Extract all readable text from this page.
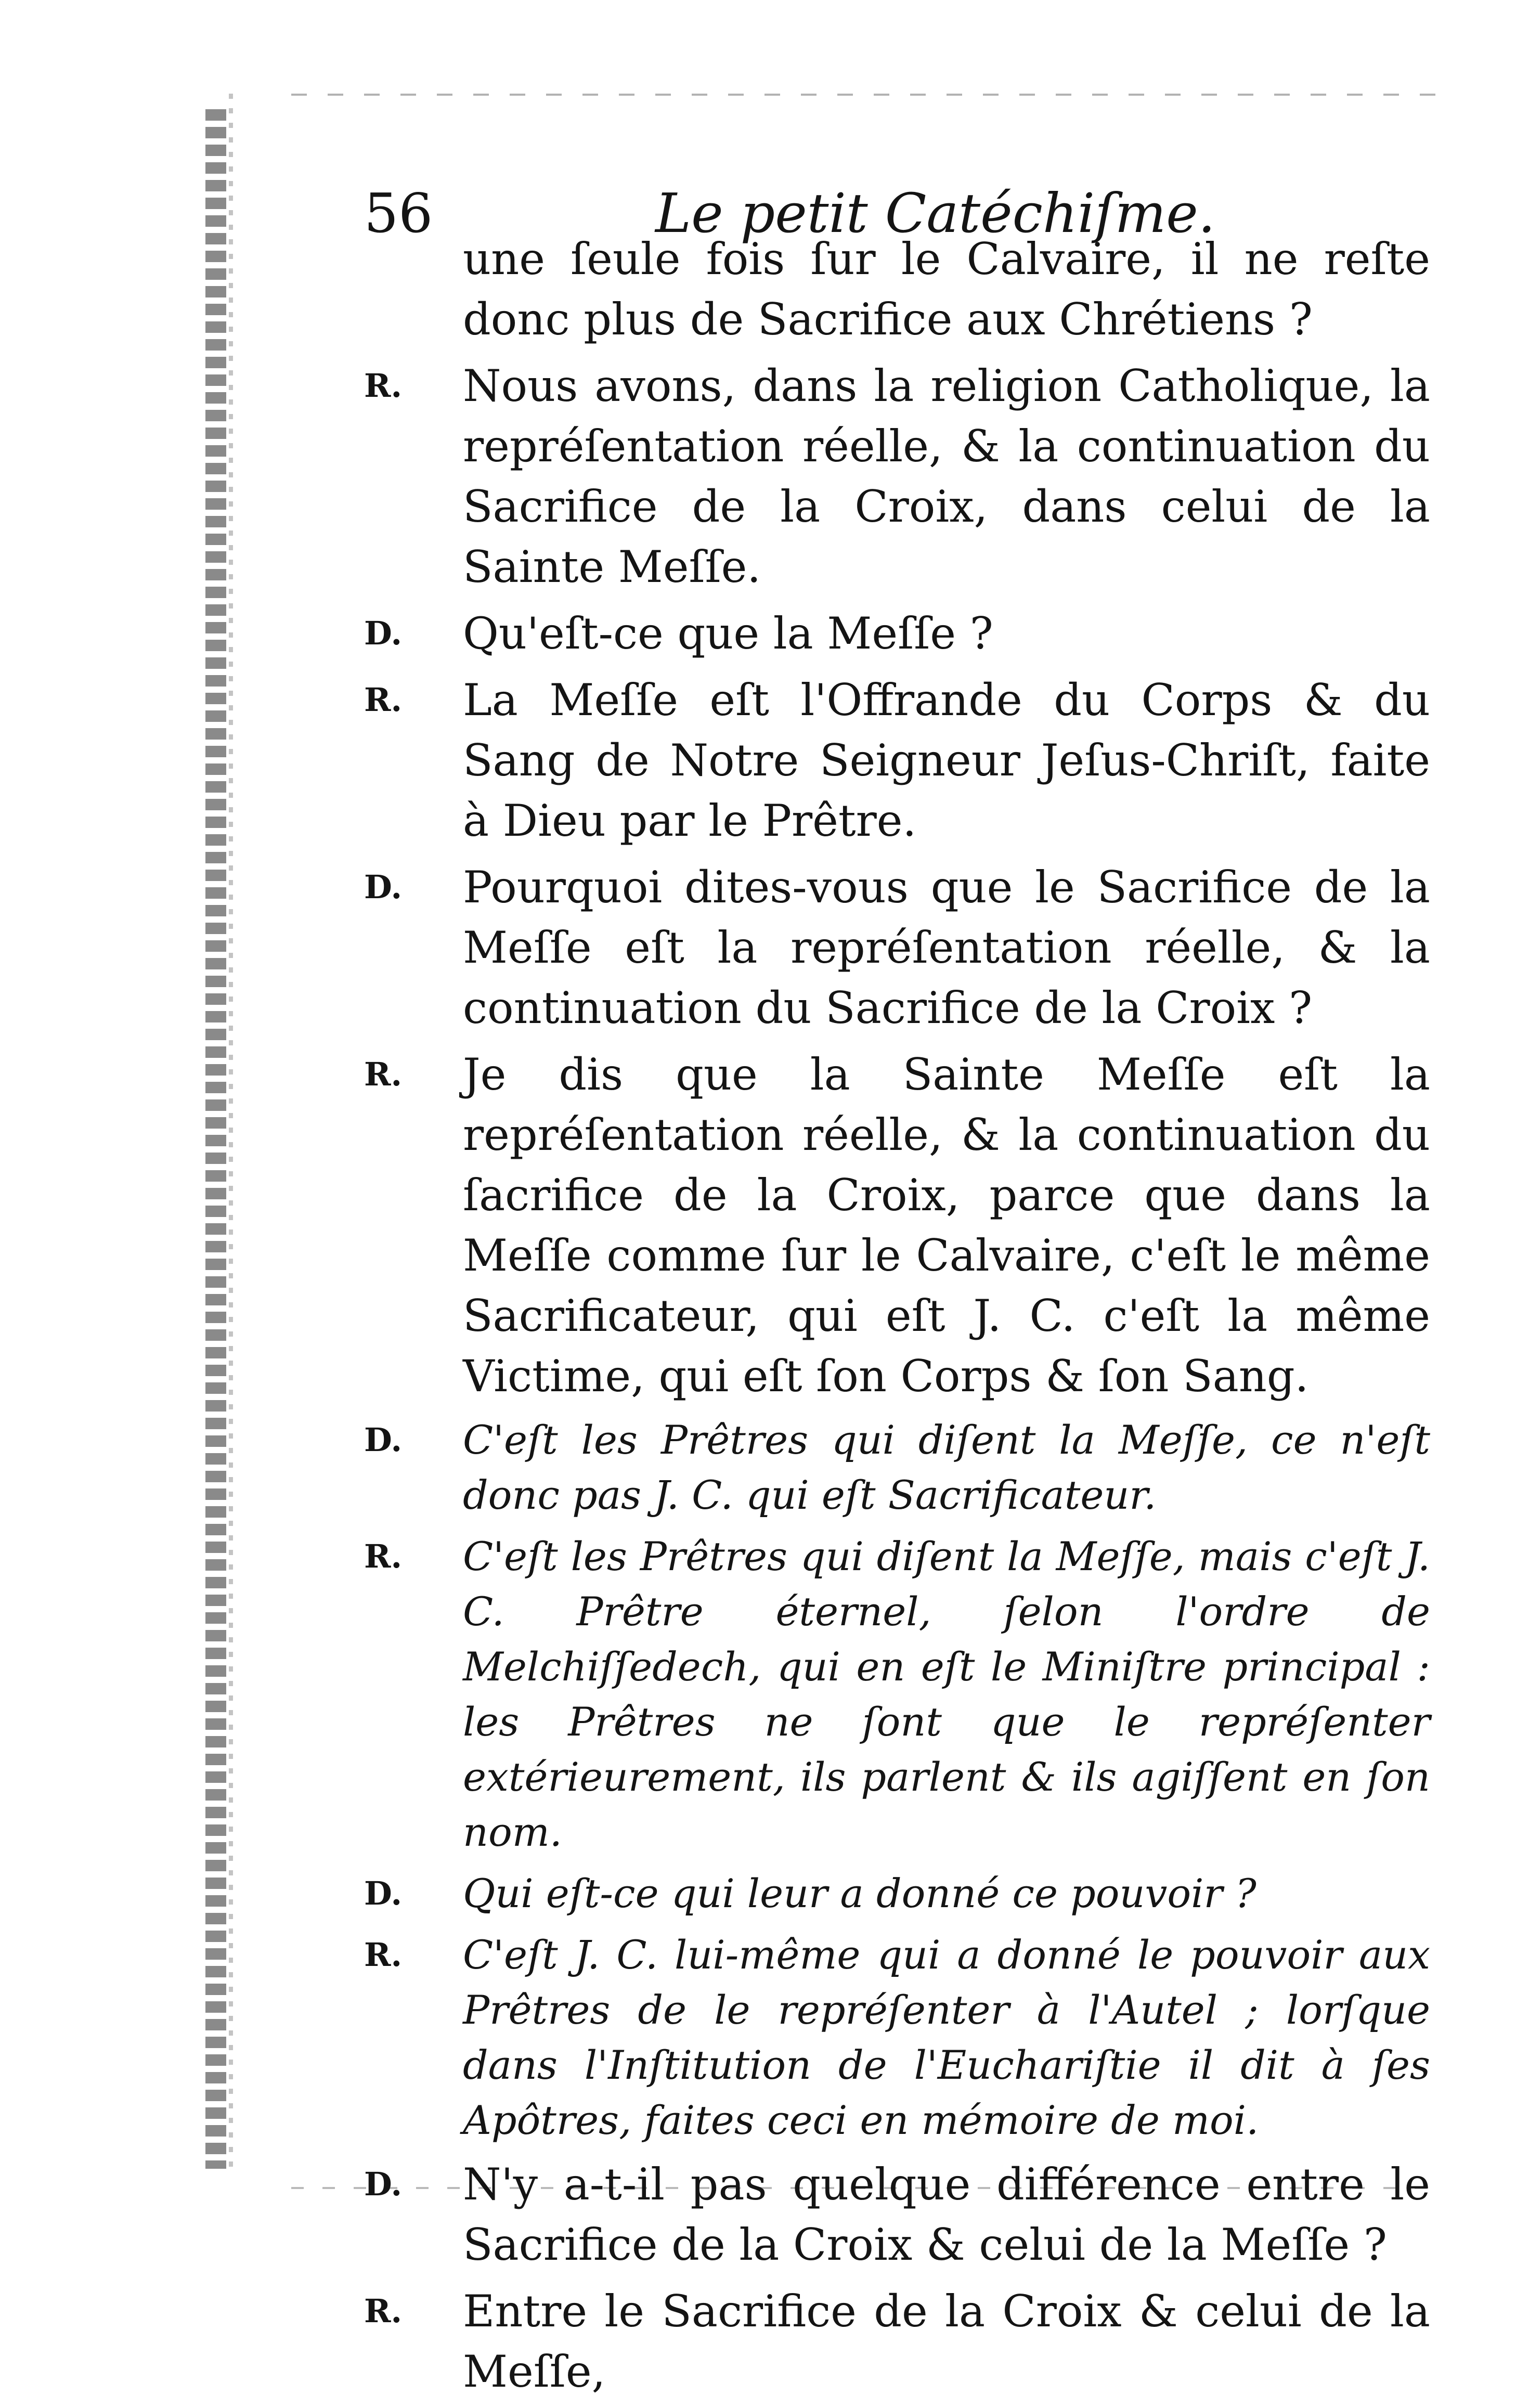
56	Le petit Catéchiſme.
une ſeule fois ſur le Calvaire, il ne reſte donc plus de Sacrifice aux Chrétiens ?
R.	Nous avons, dans la religion Catholique, la repréſentation réelle, & la continuation du Sacrifice de la Croix, dans celui de la Sainte Meſſe.
D.	Qu'eſt-ce que la Meſſe ?
R.	La Meſſe eſt l'Offrande du Corps & du Sang de Notre Seigneur Jeſus-Chriſt, faite à Dieu par le Prêtre.
D.	Pourquoi dites-vous que le Sacrifice de la Meſſe eſt la repréſentation réelle, & la continuation du Sacrifice de la Croix ?
R.	Je dis que la Sainte Meſſe eſt la repréſentation réelle, & la continuation du ſacrifice de la Croix, parce que dans la Meſſe comme ſur le Calvaire, c'eſt le même Sacrificateur, qui eſt J. C. c'eſt la même Victime, qui eſt ſon Corps & ſon Sang.
D.	C'eſt les Prêtres qui diſent la Meſſe, ce n'eſt donc pas J. C. qui eſt Sacrificateur.
R.	C'eſt les Prêtres qui diſent la Meſſe, mais c'eſt J. C. Prêtre éternel, ſelon l'ordre de Melchiſſedech, qui en eſt le Miniſtre principal : les Prêtres ne ſont que le repréſenter extérieurement, ils parlent & ils agiſſent en ſon nom.
D.	Qui eſt-ce qui leur a donné ce pouvoir ?
R.	C'eſt J. C. lui-même qui a donné le pouvoir aux Prêtres de le repréſenter à l'Autel ; lorſque dans l'Inſtitution de l'Euchariſtie il dit à ſes Apôtres, faites ceci en mémoire de moi.
D.	N'y a-t-il pas quelque différence entre le Sacrifice de la Croix & celui de la Meſſe ?
R.	Entre le Sacrifice de la Croix & celui de la Meſſe,
